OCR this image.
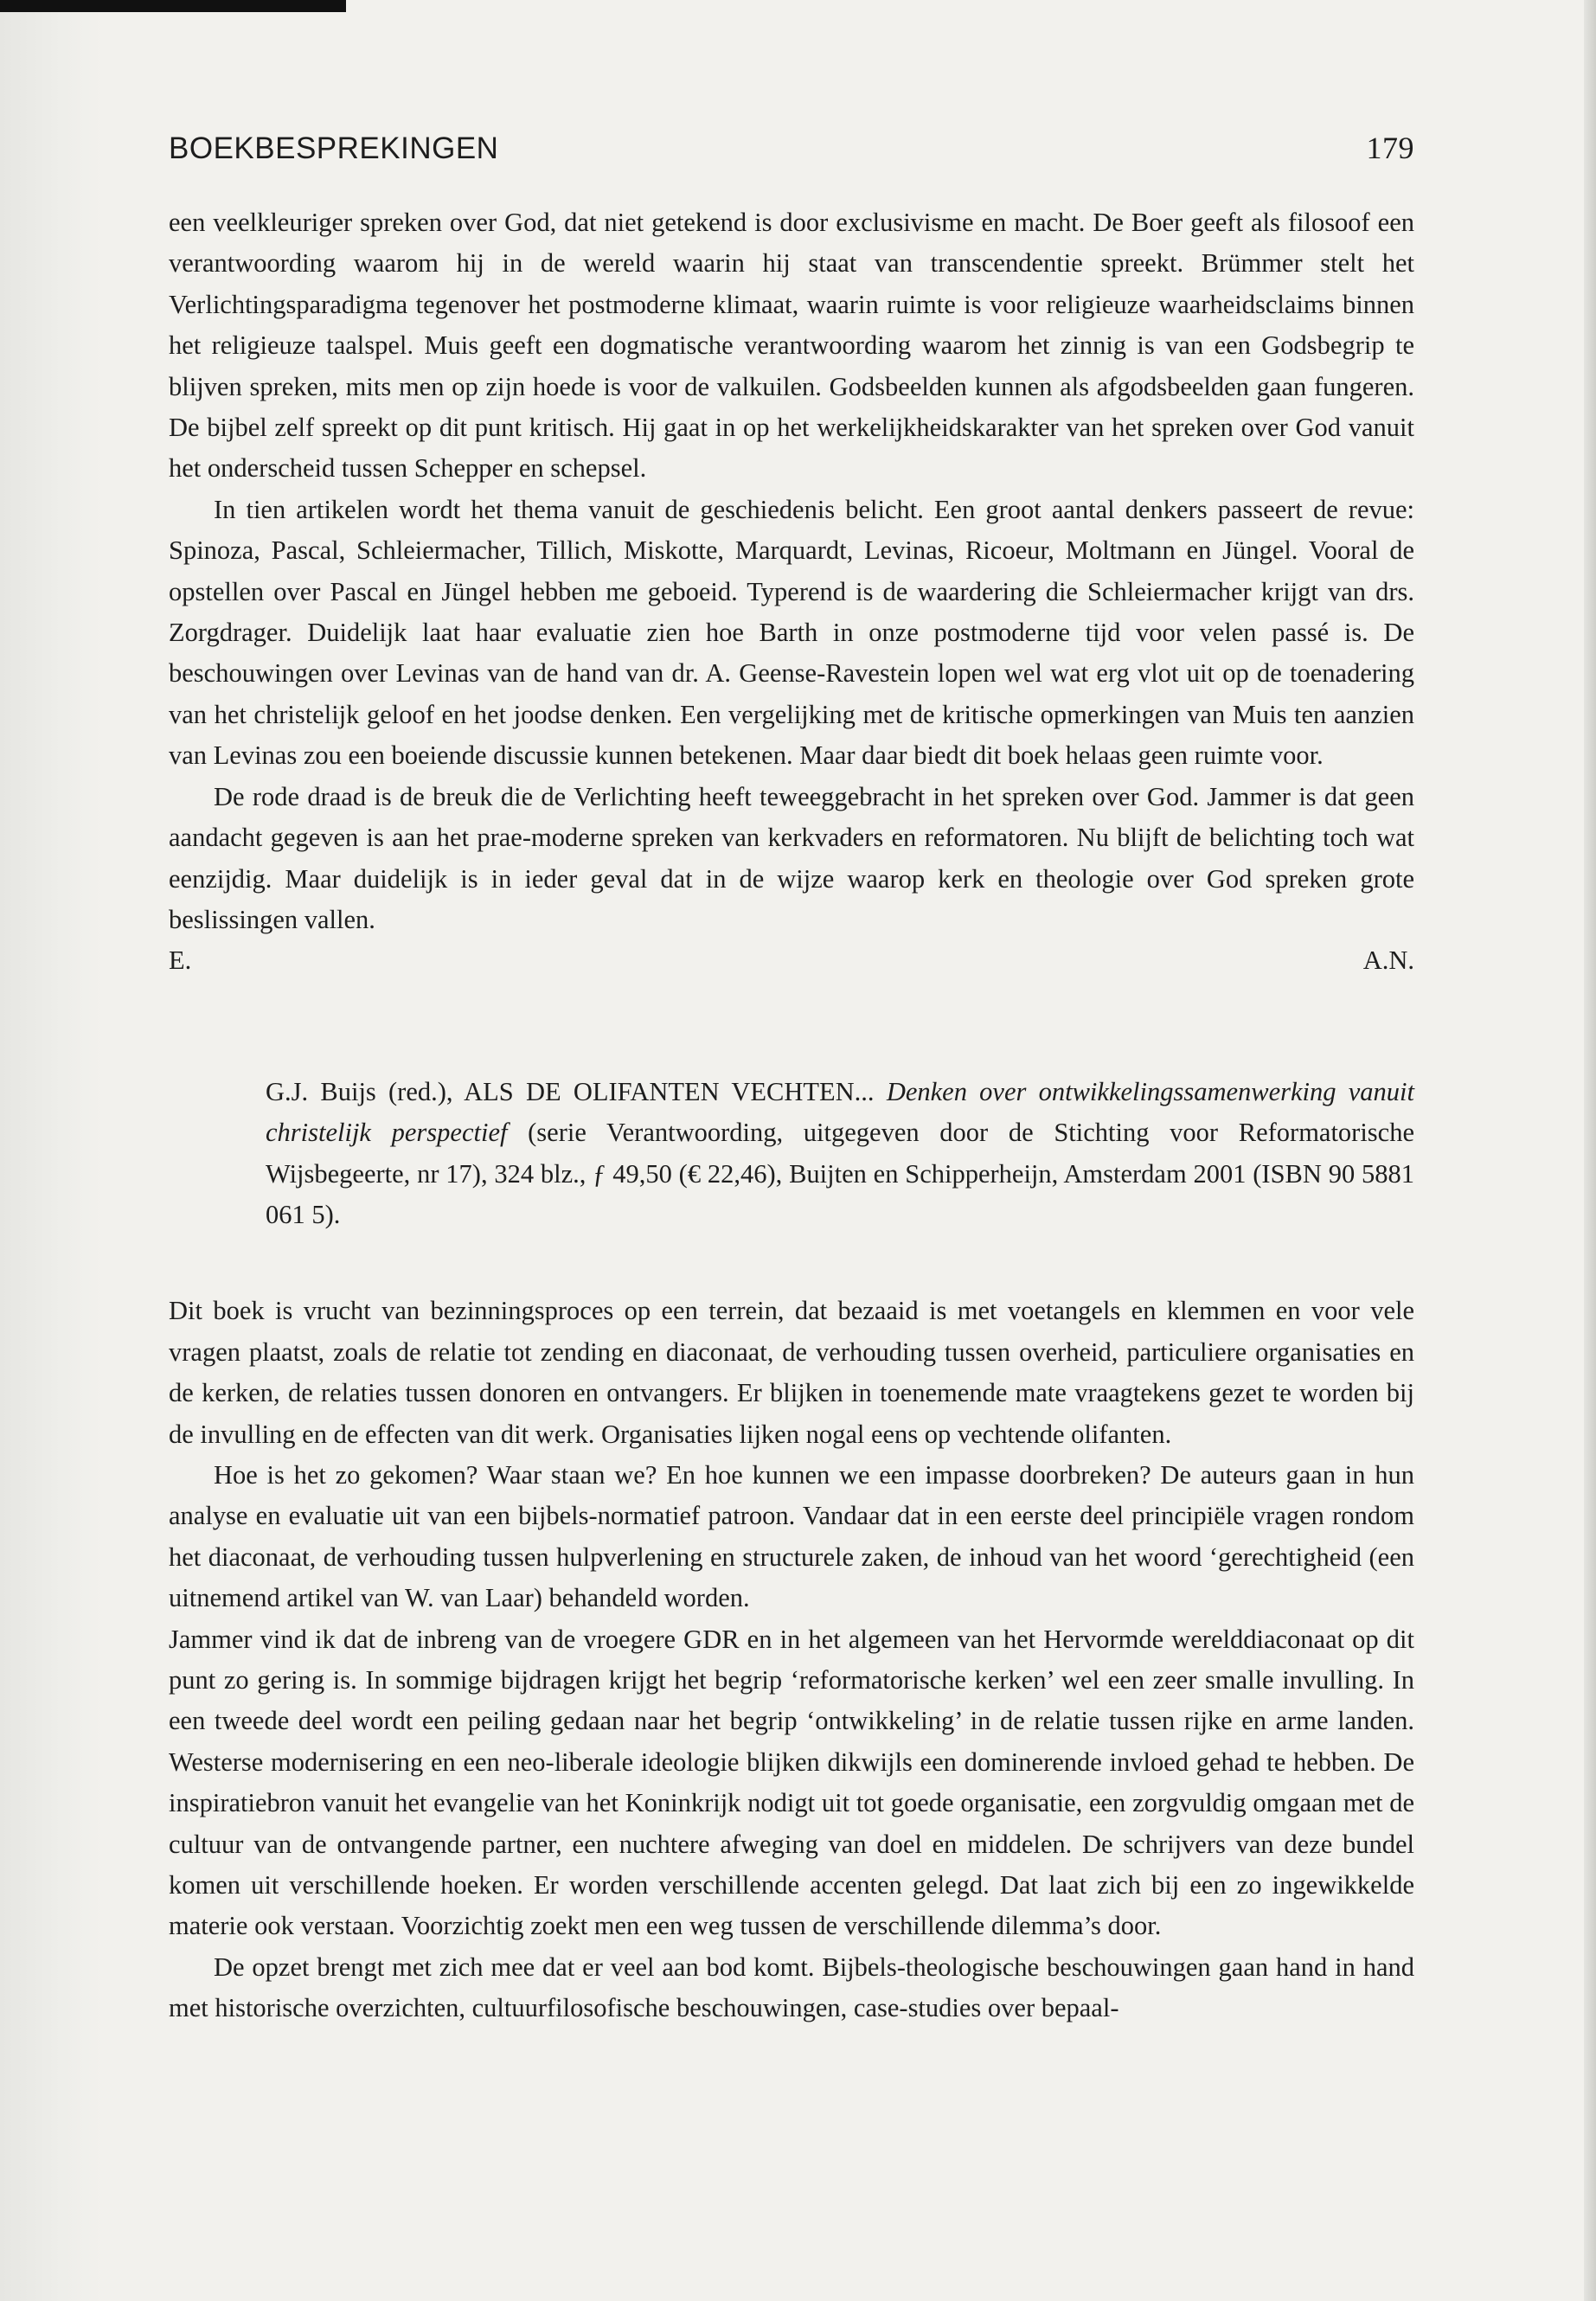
BOEKBESPREKINGEN	179

een veelkleuriger spreken over God, dat niet getekend is door exclusivisme en macht. De Boer geeft als filosoof een verantwoording waarom hij in de wereld waarin hij staat van transcendentie spreekt. Brümmer stelt het Verlichtingsparadigma tegenover het postmoderne klimaat, waarin ruimte is voor religieuze waarheidsclaims binnen het religieuze taalspel. Muis geeft een dogmatische verantwoording waarom het zinnig is van een Godsbegrip te blijven spreken, mits men op zijn hoede is voor de valkuilen. Godsbeelden kunnen als afgodsbeelden gaan fungeren. De bijbel zelf spreekt op dit punt kritisch. Hij gaat in op het werkelijkheidskarakter van het spreken over God vanuit het onderscheid tussen Schepper en schepsel.

In tien artikelen wordt het thema vanuit de geschiedenis belicht. Een groot aantal denkers passeert de revue: Spinoza, Pascal, Schleiermacher, Tillich, Miskotte, Marquardt, Levinas, Ricoeur, Moltmann en Jüngel. Vooral de opstellen over Pascal en Jüngel hebben me geboeid. Typerend is de waardering die Schleiermacher krijgt van drs. Zorgdrager. Duidelijk laat haar evaluatie zien hoe Barth in onze postmoderne tijd voor velen passé is. De beschouwingen over Levinas van de hand van dr. A. Geense-Ravestein lopen wel wat erg vlot uit op de toenadering van het christelijk geloof en het joodse denken. Een vergelijking met de kritische opmerkingen van Muis ten aanzien van Levinas zou een boeiende discussie kunnen betekenen. Maar daar biedt dit boek helaas geen ruimte voor.

De rode draad is de breuk die de Verlichting heeft teweeggebracht in het spreken over God. Jammer is dat geen aandacht gegeven is aan het prae-moderne spreken van kerkvaders en reformatoren. Nu blijft de belichting toch wat eenzijdig. Maar duidelijk is in ieder geval dat in de wijze waarop kerk en theologie over God spreken grote beslissingen vallen.

E.	A.N.
G.J. Buijs (red.), ALS DE OLIFANTEN VECHTEN... Denken over ontwikkelingssamenwerking vanuit christelijk perspectief (serie Verantwoording, uitgegeven door de Stichting voor Reformatorische Wijsbegeerte, nr 17), 324 blz., ƒ 49,50 (€ 22,46), Buijten en Schipperheijn, Amsterdam 2001 (ISBN 90 5881 061 5).

Dit boek is vrucht van bezinningsproces op een terrein, dat bezaaid is met voetangels en klemmen en voor vele vragen plaatst, zoals de relatie tot zending en diaconaat, de verhouding tussen overheid, particuliere organisaties en de kerken, de relaties tussen donoren en ontvangers. Er blijken in toenemende mate vraagtekens gezet te worden bij de invulling en de effecten van dit werk. Organisaties lijken nogal eens op vechtende olifanten.

Hoe is het zo gekomen? Waar staan we? En hoe kunnen we een impasse doorbreken? De auteurs gaan in hun analyse en evaluatie uit van een bijbels-normatief patroon. Vandaar dat in een eerste deel principiële vragen rondom het diaconaat, de verhouding tussen hulpverlening en structurele zaken, de inhoud van het woord ‘gerechtigheid (een uitnemend artikel van W. van Laar) behandeld worden.

Jammer vind ik dat de inbreng van de vroegere GDR en in het algemeen van het Hervormde werelddiaconaat op dit punt zo gering is. In sommige bijdragen krijgt het begrip ‘reformatorische kerken’ wel een zeer smalle invulling. In een tweede deel wordt een peiling gedaan naar het begrip ‘ontwikkeling’ in de relatie tussen rijke en arme landen. Westerse modernisering en een neo-liberale ideologie blijken dikwijls een dominerende invloed gehad te hebben. De inspiratiebron vanuit het evangelie van het Koninkrijk nodigt uit tot goede organisatie, een zorgvuldig omgaan met de cultuur van de ontvangende partner, een nuchtere afweging van doel en middelen. De schrijvers van deze bundel komen uit verschillende hoeken. Er worden verschillende accenten gelegd. Dat laat zich bij een zo ingewikkelde materie ook verstaan. Voorzichtig zoekt men een weg tussen de verschillende dilemma’s door.

De opzet brengt met zich mee dat er veel aan bod komt. Bijbels-theologische beschouwingen gaan hand in hand met historische overzichten, cultuurfilosofische beschouwingen, case-studies over bepaal-
